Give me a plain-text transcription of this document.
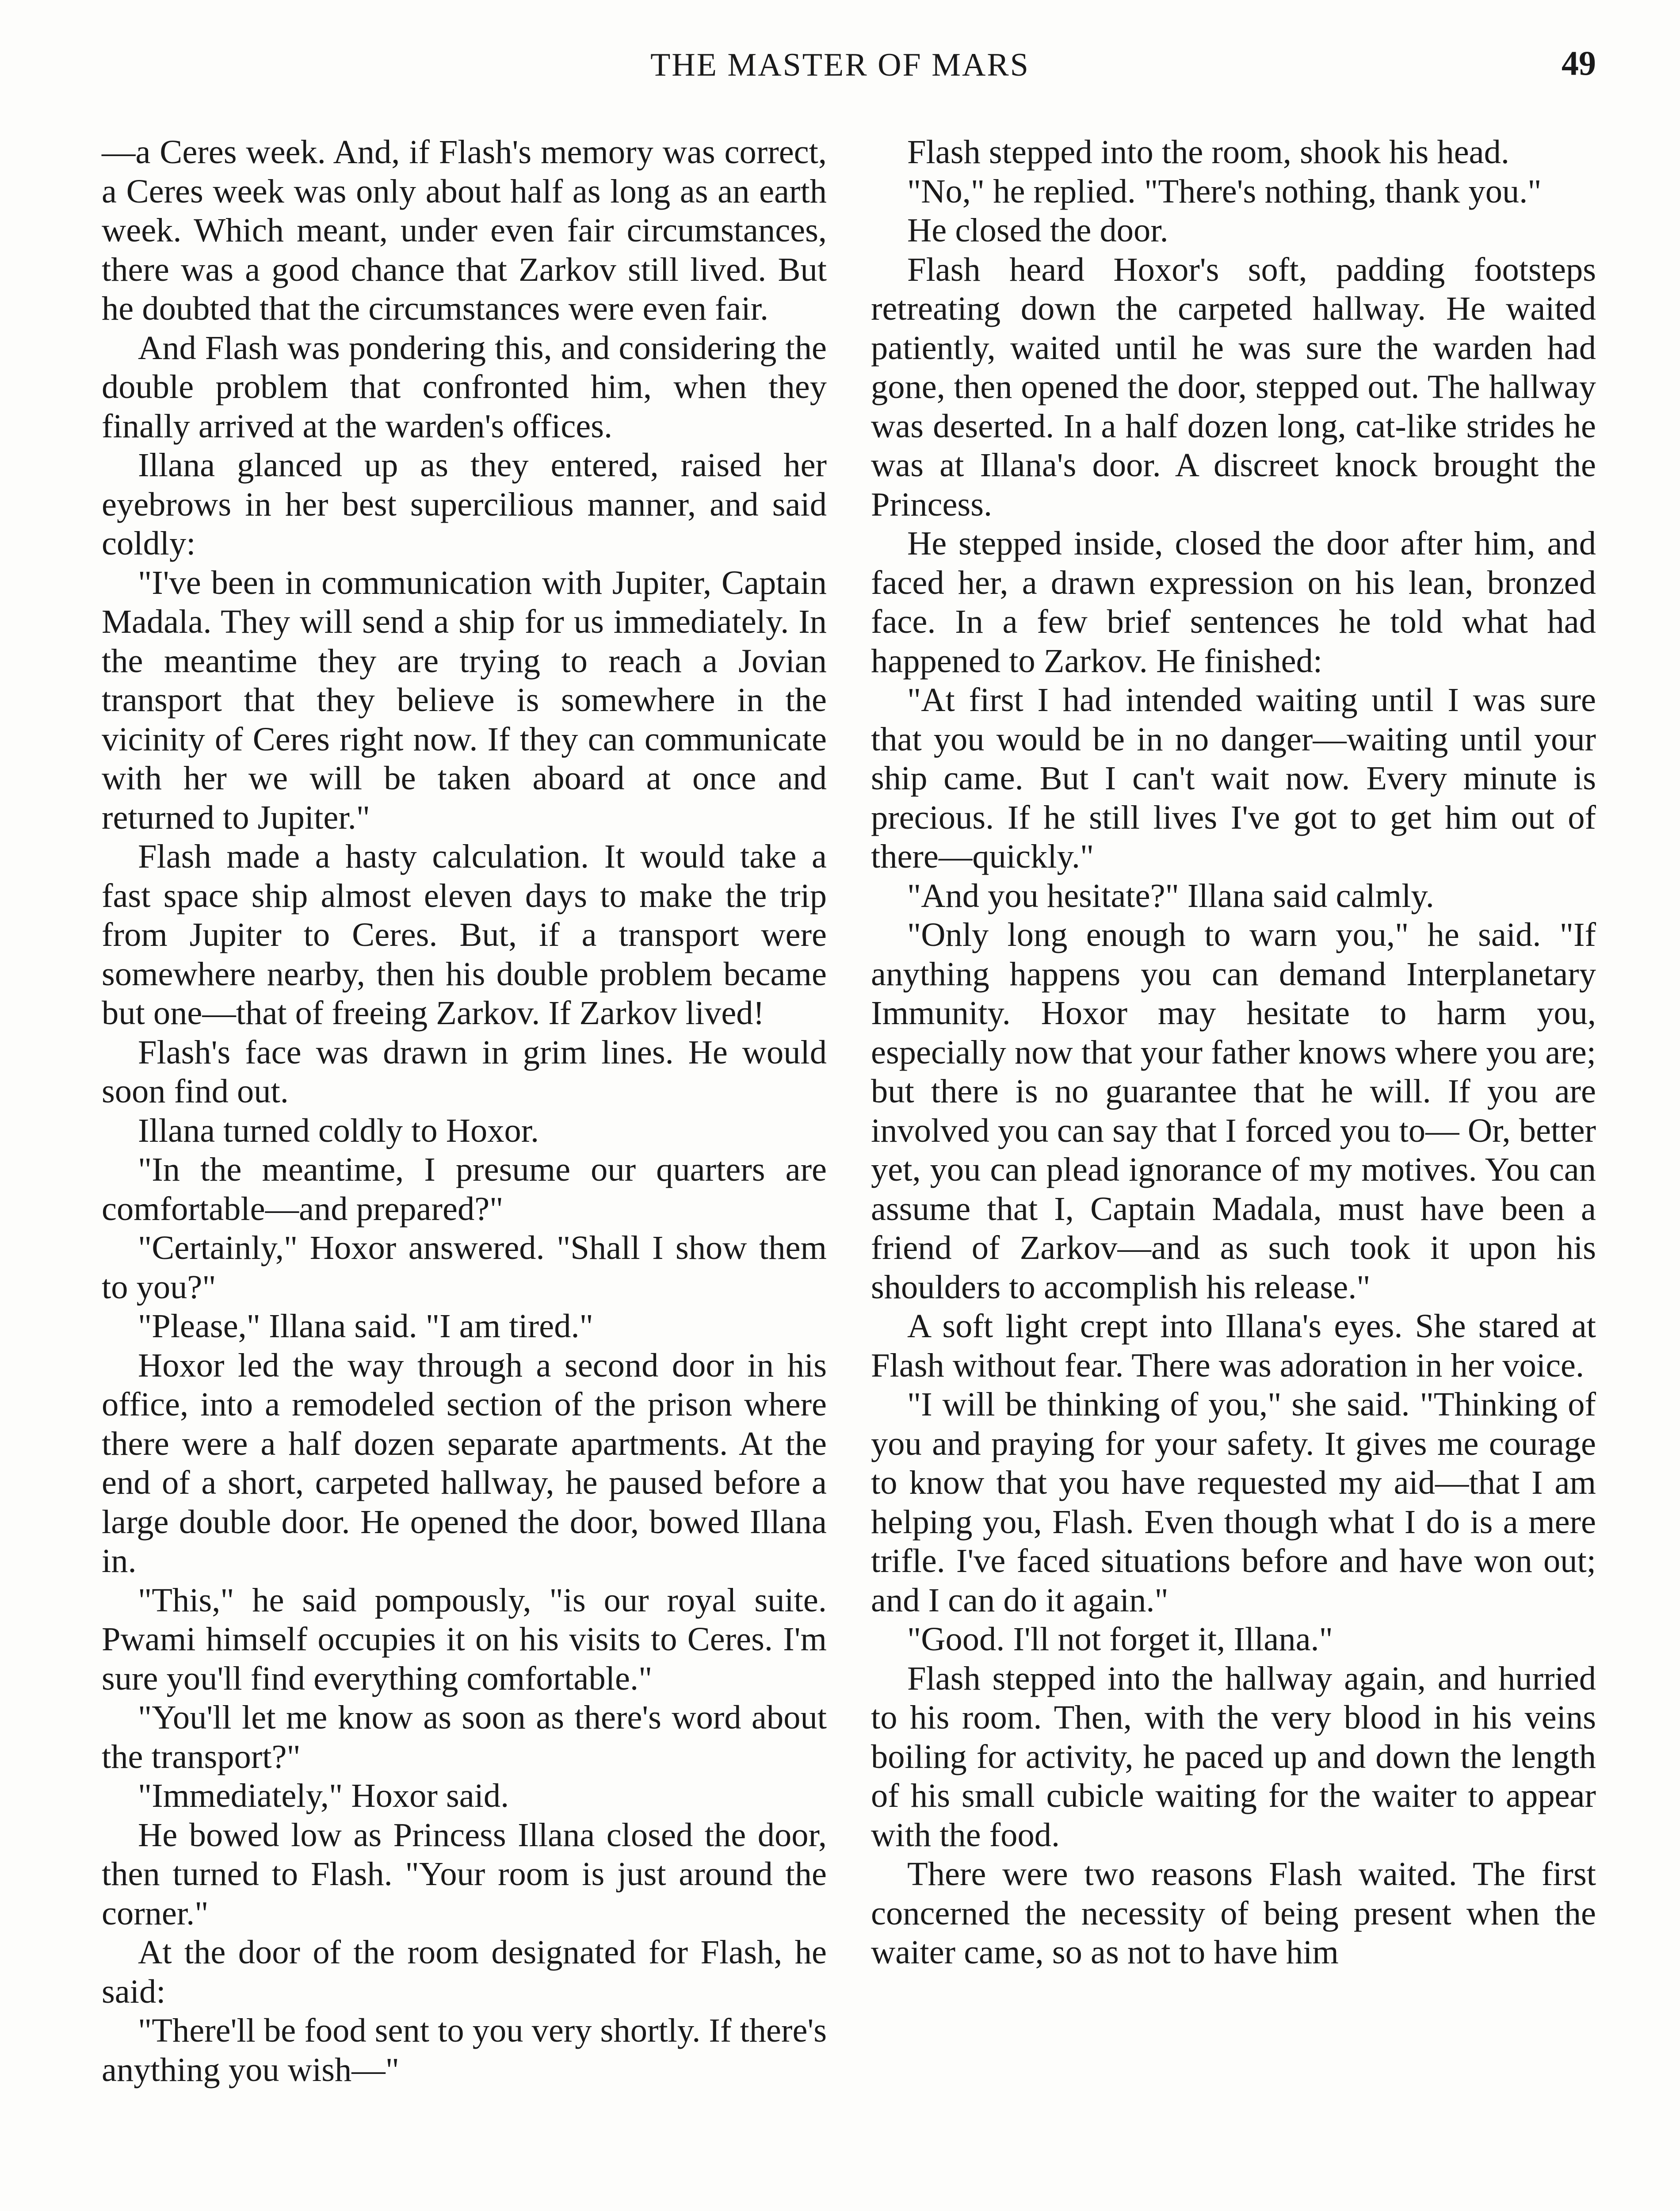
THE MASTER OF MARS	49

—a Ceres week. And, if Flash's memory was correct, a Ceres week was only about half as long as an earth week. Which meant, under even fair circumstances, there was a good chance that Zarkov still lived. But he doubted that the circumstances were even fair.

And Flash was pondering this, and considering the double problem that confronted him, when they finally arrived at the warden's offices.

Illana glanced up as they entered, raised her eyebrows in her best supercilious manner, and said coldly:

"I've been in communication with Jupiter, Captain Madala. They will send a ship for us immediately. In the meantime they are trying to reach a Jovian transport that they believe is somewhere in the vicinity of Ceres right now. If they can communicate with her we will be taken aboard at once and returned to Jupiter."

Flash made a hasty calculation. It would take a fast space ship almost eleven days to make the trip from Jupiter to Ceres. But, if a transport were somewhere nearby, then his double problem became but one—that of freeing Zarkov. If Zarkov lived!

Flash's face was drawn in grim lines. He would soon find out.

Illana turned coldly to Hoxor.

"In the meantime, I presume our quarters are comfortable—and prepared?"

"Certainly," Hoxor answered. "Shall I show them to you?"

"Please," Illana said. "I am tired."

Hoxor led the way through a second door in his office, into a remodeled section of the prison where there were a half dozen separate apartments. At the end of a short, carpeted hallway, he paused before a large double door. He opened the door, bowed Illana in.

"This," he said pompously, "is our royal suite. Pwami himself occupies it on his visits to Ceres. I'm sure you'll find everything comfortable."

"You'll let me know as soon as there's word about the transport?"

"Immediately," Hoxor said.

He bowed low as Princess Illana closed the door, then turned to Flash. "Your room is just around the corner."

At the door of the room designated for Flash, he said:

"There'll be food sent to you very shortly. If there's anything you wish—"

Flash stepped into the room, shook his head.

"No," he replied. "There's nothing, thank you."

He closed the door.

Flash heard Hoxor's soft, padding footsteps retreating down the carpeted hallway. He waited patiently, waited until he was sure the warden had gone, then opened the door, stepped out. The hallway was deserted. In a half dozen long, cat-like strides he was at Illana's door. A discreet knock brought the Princess.

He stepped inside, closed the door after him, and faced her, a drawn expression on his lean, bronzed face. In a few brief sentences he told what had happened to Zarkov. He finished:

"At first I had intended waiting until I was sure that you would be in no danger—waiting until your ship came. But I can't wait now. Every minute is precious. If he still lives I've got to get him out of there—quickly."

"And you hesitate?" Illana said calmly.

"Only long enough to warn you," he said. "If anything happens you can demand Interplanetary Immunity. Hoxor may hesitate to harm you, especially now that your father knows where you are; but there is no guarantee that he will. If you are involved you can say that I forced you to— Or, better yet, you can plead ignorance of my motives. You can assume that I, Captain Madala, must have been a friend of Zarkov—and as such took it upon his shoulders to accomplish his release."

A soft light crept into Illana's eyes. She stared at Flash without fear. There was adoration in her voice.

"I will be thinking of you," she said. "Thinking of you and praying for your safety. It gives me courage to know that you have requested my aid—that I am helping you, Flash. Even though what I do is a mere trifle. I've faced situations before and have won out; and I can do it again."

"Good. I'll not forget it, Illana."

Flash stepped into the hallway again, and hurried to his room. Then, with the very blood in his veins boiling for activity, he paced up and down the length of his small cubicle waiting for the waiter to appear with the food.

There were two reasons Flash waited. The first concerned the necessity of being present when the waiter came, so as not to have him
